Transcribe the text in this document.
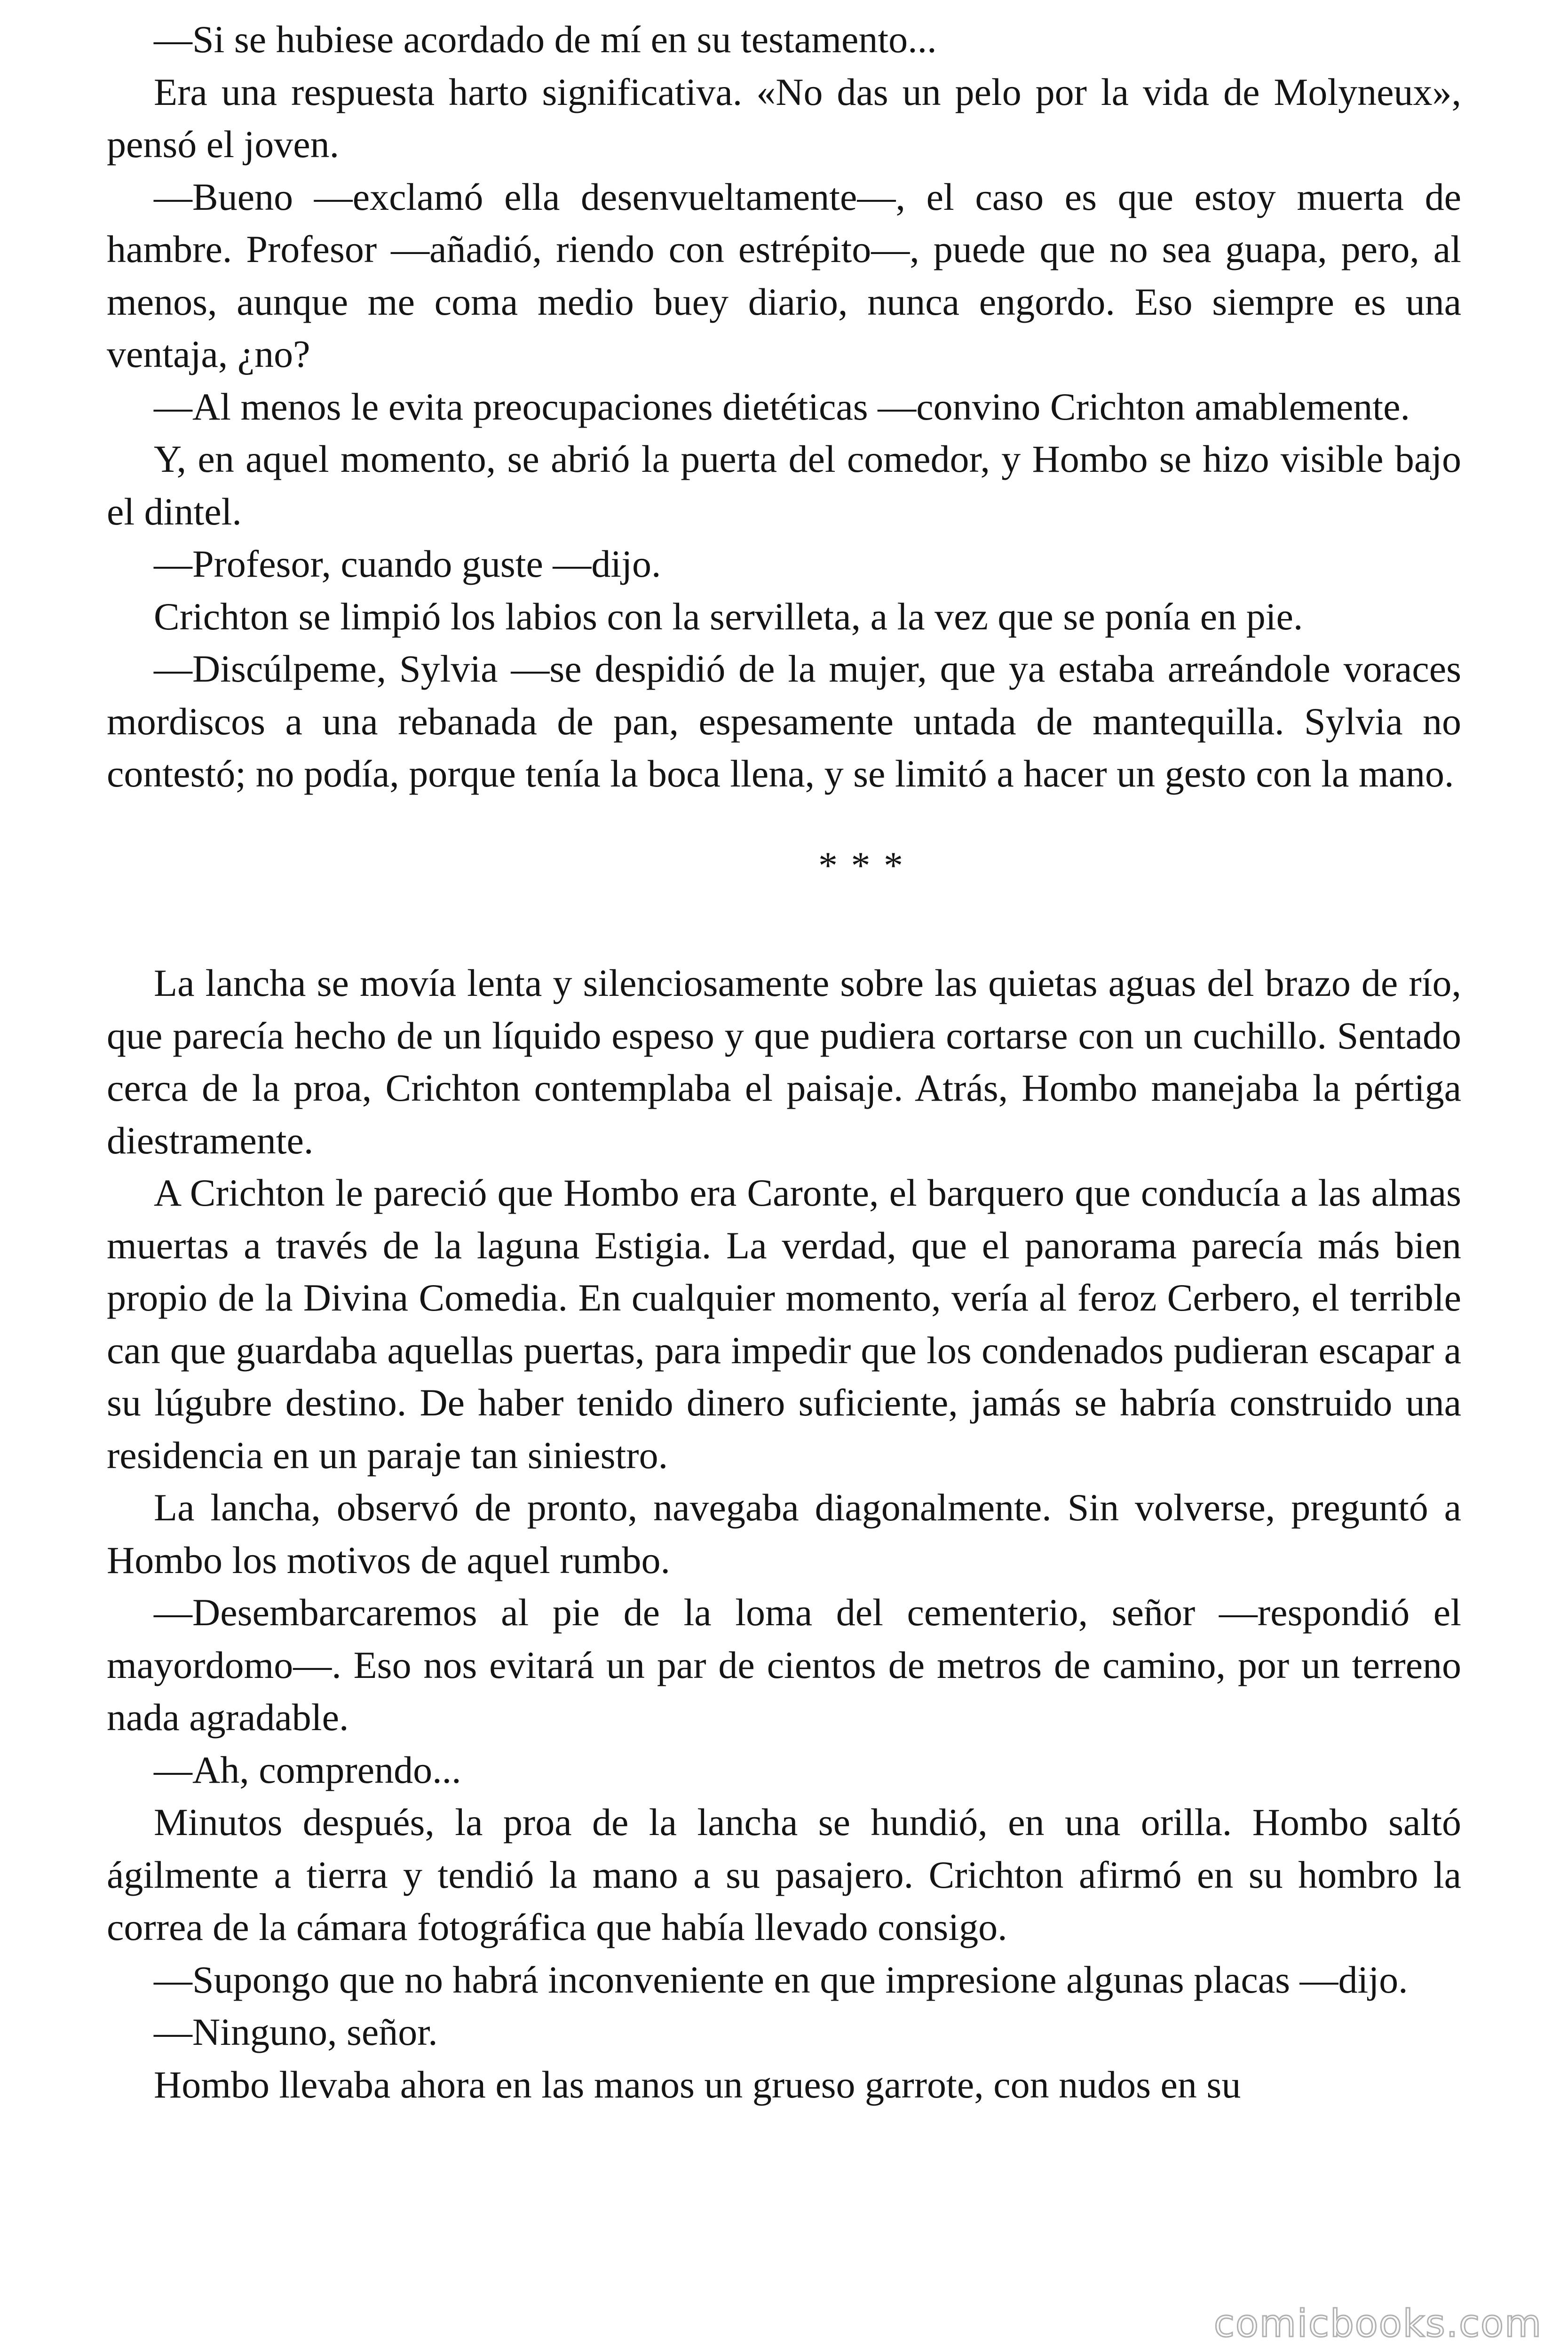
—Si se hubiese acordado de mí en su testamento...

Era una respuesta harto significativa. «No das un pelo por la vida de Molyneux», pensó el joven.

—Bueno —exclamó ella desenvueltamente—, el caso es que estoy muerta de hambre. Profesor —añadió, riendo con estrépito—, puede que no sea guapa, pero, al menos, aunque me coma medio buey diario, nunca engordo. Eso siempre es una ventaja, ¿no?

—Al menos le evita preocupaciones dietéticas —convino Crichton amablemente.

Y, en aquel momento, se abrió la puerta del comedor, y Hombo se hizo visible bajo el dintel.

—Profesor, cuando guste —dijo.

Crichton se limpió los labios con la servilleta, a la vez que se ponía en pie.

—Discúlpeme, Sylvia —se despidió de la mujer, que ya estaba arreándole voraces mordiscos a una rebanada de pan, espesamente untada de mantequilla. Sylvia no contestó; no podía, porque tenía la boca llena, y se limitó a hacer un gesto con la mano.

* * *

La lancha se movía lenta y silenciosamente sobre las quietas aguas del brazo de río, que parecía hecho de un líquido espeso y que pudiera cortarse con un cuchillo. Sentado cerca de la proa, Crichton contemplaba el paisaje. Atrás, Hombo manejaba la pértiga diestramente.

A Crichton le pareció que Hombo era Caronte, el barquero que conducía a las almas muertas a través de la laguna Estigia. La verdad, que el panorama parecía más bien propio de la Divina Comedia. En cualquier momento, vería al feroz Cerbero, el terrible can que guardaba aquellas puertas, para impedir que los condenados pudieran escapar a su lúgubre destino. De haber tenido dinero suficiente, jamás se habría construido una residencia en un paraje tan siniestro.

La lancha, observó de pronto, navegaba diagonalmente. Sin volverse, preguntó a Hombo los motivos de aquel rumbo.

—Desembarcaremos al pie de la loma del cementerio, señor —respondió el mayordomo—. Eso nos evitará un par de cientos de metros de camino, por un terreno nada agradable.

—Ah, comprendo...

Minutos después, la proa de la lancha se hundió, en una orilla. Hombo saltó ágilmente a tierra y tendió la mano a su pasajero. Crichton afirmó en su hombro la correa de la cámara fotográfica que había llevado consigo.

—Supongo que no habrá inconveniente en que impresione algunas placas —dijo.

—Ninguno, señor.

Hombo llevaba ahora en las manos un grueso garrote, con nudos en su

comicbooks.com
